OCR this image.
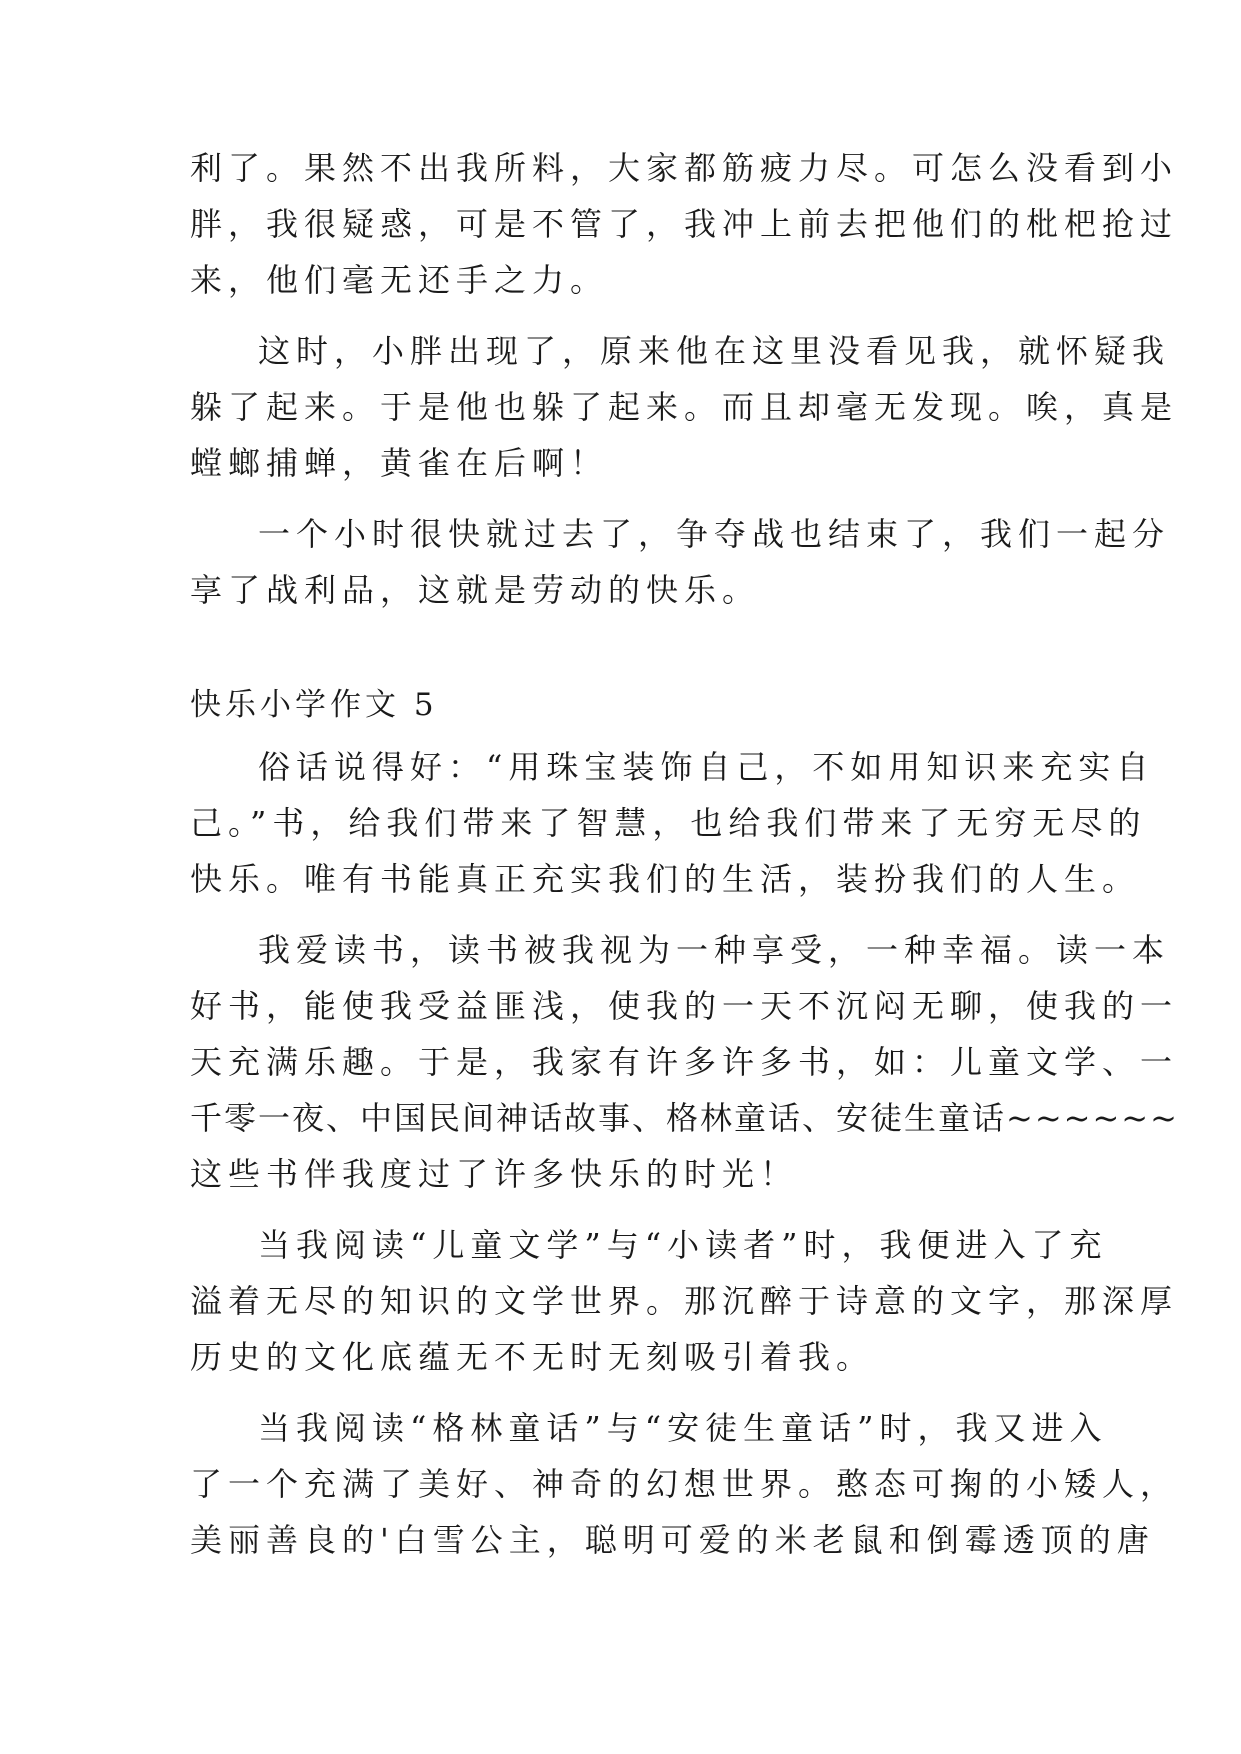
利了。果然不出我所料，大家都筋疲力尽。可怎么没看到小
胖，我很疑惑，可是不管了，我冲上前去把他们的枇杷抢过
来，他们毫无还手之力。
这时，小胖出现了，原来他在这里没看见我，就怀疑我
躲了起来。于是他也躲了起来。而且却毫无发现。唉，真是
螳螂捕蝉，黄雀在后啊！
一个小时很快就过去了，争夺战也结束了，我们一起分
享了战利品，这就是劳动的快乐。
快乐小学作文 5
俗话说得好：“用珠宝装饰自己，不如用知识来充实自
己。”书，给我们带来了智慧，也给我们带来了无穷无尽的
快乐。唯有书能真正充实我们的生活，装扮我们的人生。
我爱读书，读书被我视为一种享受，一种幸福。读一本
好书，能使我受益匪浅，使我的一天不沉闷无聊，使我的一
天充满乐趣。于是，我家有许多许多书，如：儿童文学、一
千零一夜、中国民间神话故事、格林童话、安徒生童话~~~~~~
这些书伴我度过了许多快乐的时光！
当我阅读“儿童文学”与“小读者”时，我便进入了充
溢着无尽的知识的文学世界。那沉醉于诗意的文字，那深厚
历史的文化底蕴无不无时无刻吸引着我。
当我阅读“格林童话”与“安徒生童话”时，我又进入
了一个充满了美好、神奇的幻想世界。憨态可掬的小矮人，
美丽善良的'白雪公主，聪明可爱的米老鼠和倒霉透顶的唐
